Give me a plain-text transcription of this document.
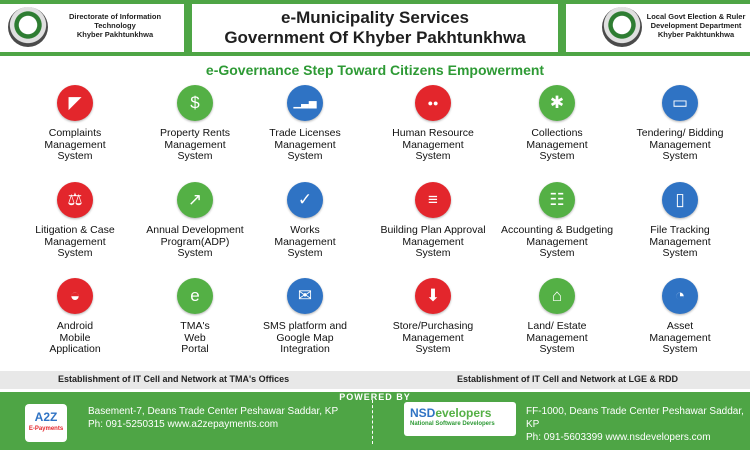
Directorate of Information
Technology
Khyber Pakhtunkhwa
e-Municipality Services
Government Of Khyber Pakhtunkhwa
Local Govt Election & Ruler
Development Department
Khyber Pakhtunkhwa
e-Governance Step Toward Citizens Empowerment
◤
Complaints
Management
System
$
Property Rents
Management
System
▁▃▅
Trade Licenses
Management
System
●●
Human Resource
Management
System
✱
Collections
Management
System
▭
Tendering/ Bidding
Management
System
⚖
Litigation & Case
Management
System
↗
Annual Development
Program(ADP)
System
✓
Works
Management
System
≡
Building Plan Approval
Management
System
☷
Accounting & Budgeting
Management
System
▯
File Tracking
Management
System
◒
Android
Mobile
Application
e
TMA's
Web
Portal
✉
SMS platform and
Google Map
Integration
⬇
Store/Purchasing
Management
System
⌂
Land/ Estate
Management
System
◔
Asset
Management
System
Establishment of IT Cell and Network at TMA's Offices	Establishment of IT Cell and Network at LGE & RDD
POWERED BY
A2Z
E-Payments
Basement-7, Deans Trade Center Peshawar Saddar, KP
Ph: 091-5250315 www.a2zepayments.com
NSDevelopers
National Software Developers
FF-1000, Deans Trade Center Peshawar Saddar, KP
Ph: 091-5603399 www.nsdevelopers.com
